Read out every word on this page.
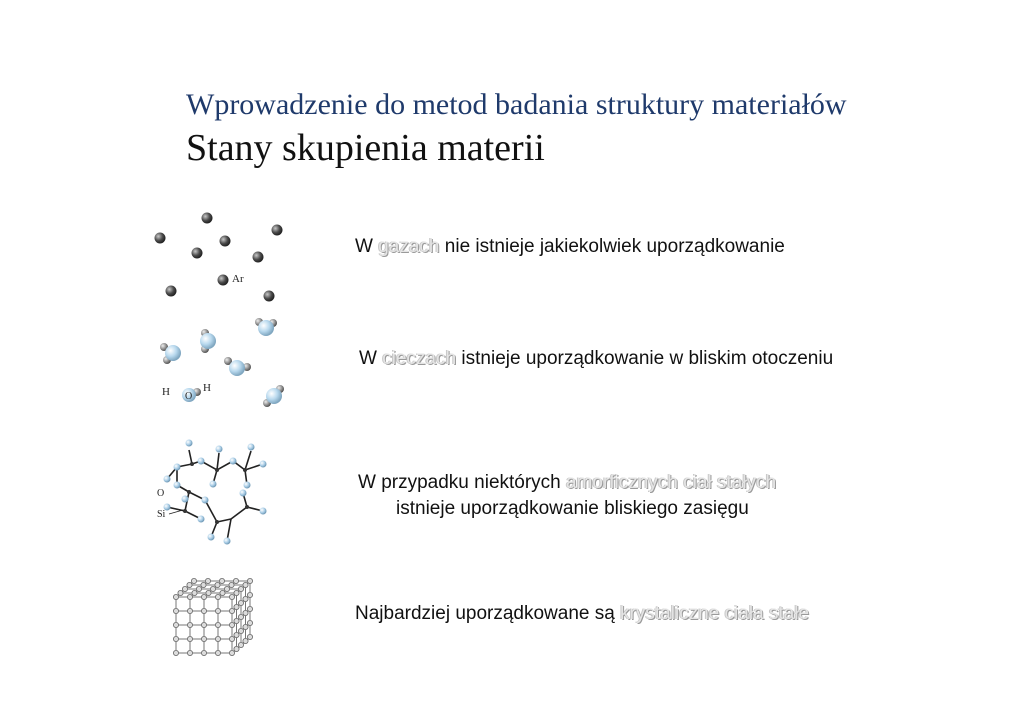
Wprowadzenie do metod badania struktury materiałów
Stany skupienia materii
Ar
H O
H
O
Si
W gazach nie istnieje jakiekolwiek uporządkowanie
W cieczach istnieje uporządkowanie w bliskim otoczeniu
W przypadku niektórych amorficznych ciał stałych
istnieje uporządkowanie bliskiego zasięgu
Najbardziej uporządkowane są krystaliczne ciała stałe
